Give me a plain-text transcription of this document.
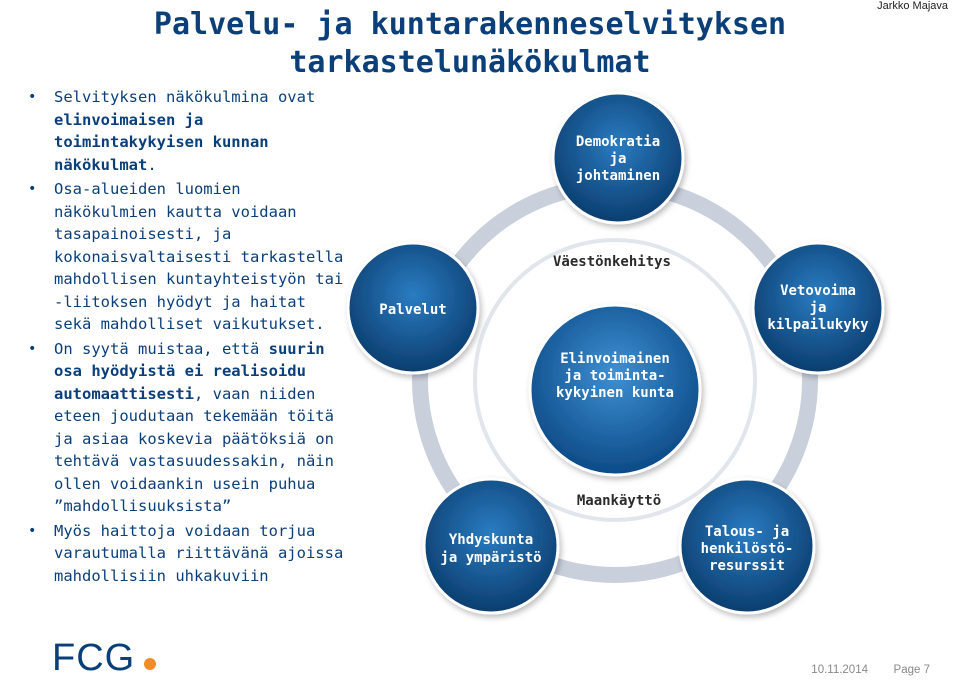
Palvelu- ja kuntarakenneselvityksen
tarkastelunäkökulmat
Jarkko Majava
• Selvityksen näkökulmina ovat elinvoimaisen ja toimintakykyisen kunnan näkökulmat.
• Osa-alueiden luomien näkökulmien kautta voidaan tasapainoisesti, ja kokonaisvaltaisesti tarkastella mahdollisen kuntayhteistyön tai -liitoksen hyödyt ja haitat sekä mahdolliset vaikutukset.
• On syytä muistaa, että suurin osa hyödyistä ei realisoidu automaattisesti, vaan niiden eteen joudutaan tekemään töitä ja asiaa koskevia päätöksiä on tehtävä vastasuudessakin, näin ollen voidaankin usein puhua ”mahdollisuuksista”
• Myös haittoja voidaan torjua varautumalla riittävänä ajoissa mahdollisiin uhkakuviin
Elinvoimainen
ja toiminta-
kykyinen kunta
Demokratia
ja
johtaminen
Palvelut
Vetovoima
ja
kilpailukyky
Yhdyskunta
ja ympäristö
Talous- ja
henkilöstö-
resurssit
Väestönkehitys
Maankäyttö
FCG	10.11.2014 Page 7
